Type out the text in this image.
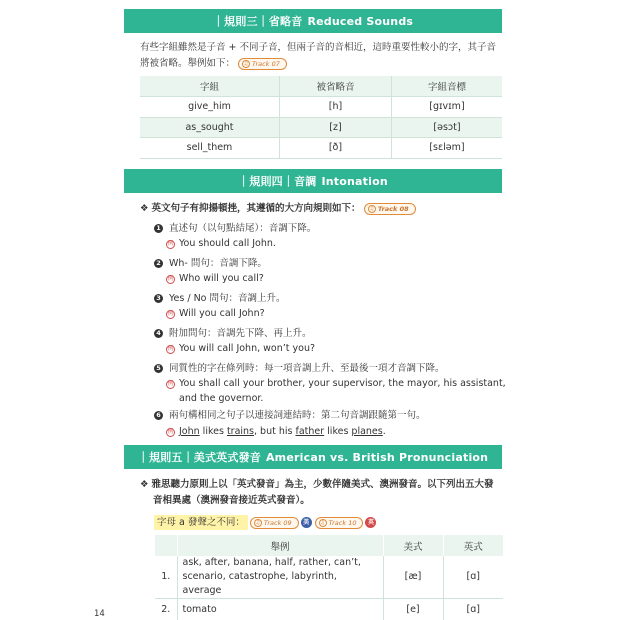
｜規則三｜ 省略音 Reduced Sounds
有些字組雖然是子音 + 不同子音，但兩子音的音相近，這時重要性較小的字，其子音
將被省略。舉例如下：	♫ Track 07
字組	被省略音	字組音標
give_him	[h]	[gɪvɪm]
as_sought	[z]	[əsɔt]
sell_them	[ð]	[sɛləm]
｜規則四｜ 音調 Intonation
❖ 英文句子有抑揚頓挫，其遵循的大方向規則如下：	♫ Track 08
1 直述句（以句點結尾）：音調下降。
例 You should call John.
2 Wh- 問句：音調下降。
例 Who will you call?
3 Yes / No 問句：音調上升。
例 Will you call John?
4 附加問句：音調先下降、再上升。
例 You will call John, won’t you?
5 同質性的字在條列時：每一項音調上升、至最後一項才音調下降。
例 You shall call your brother, your supervisor, the mayor, his assistant,
and the governor.
6 兩句構相同之句子以連接詞連結時：第二句音調跟隨第一句。
例 John likes trains, but his father likes planes.
｜規則五｜ 美式英式發音 American vs. British Pronunciation
❖ 雅思聽力原則上以「英式發音」為主，少數伴隨美式、澳洲發音。以下列出五大發
音相異處（澳洲發音接近英式發音）。
字母 a 發聲之不同：	♫ Track 09	美	♫ Track 10	英
	舉例	美式	英式
1.	ask, after, banana, half, rather, can’t,
scenario, catastrophe, labyrinth, average	[æ]	[ɑ]
2.	tomato	[e]	[ɑ]
14
